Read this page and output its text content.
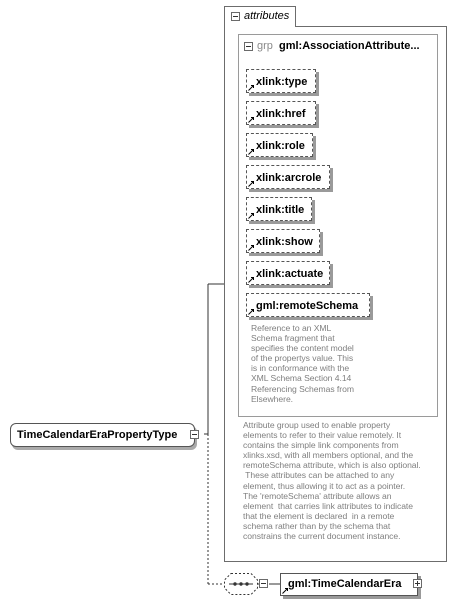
attributes
grp gml:AssociationAttribute...
xlink:type
xlink:href
xlink:role
xlink:arcrole
xlink:title
xlink:show
xlink:actuate
gml:remoteSchema
Reference to an XML
Schema fragment that
specifies the content model
of the propertys value. This
is in conformance with the
XML Schema Section 4.14
Referencing Schemas from
Elsewhere.
Attribute group used to enable property
elements to refer to their value remotely. It
contains the simple link components from
xlinks.xsd, with all members optional, and the
remoteSchema attribute, which is also optional.
These attributes can be attached to any
element, thus allowing it to act as a pointer.
The 'remoteSchema' attribute allows an
element  that carries link attributes to indicate
that the element is declared  in a remote
schema rather than by the schema that
constrains the current document instance.
TimeCalendarEraPropertyType
gml:TimeCalendarEra
